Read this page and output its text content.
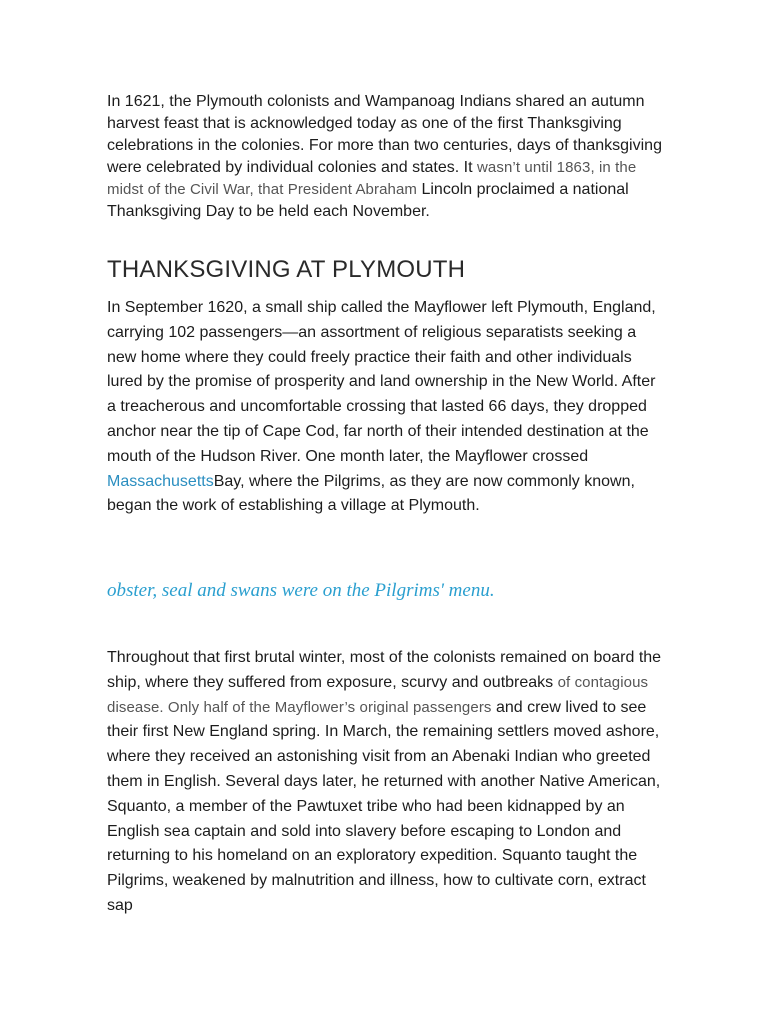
In 1621, the Plymouth colonists and Wampanoag Indians shared an autumn harvest feast that is acknowledged today as one of the first Thanksgiving celebrations in the colonies. For more than two centuries, days of thanksgiving were celebrated by individual colonies and states. It wasn’t until 1863, in the midst of the Civil War, that President Abraham Lincoln proclaimed a national Thanksgiving Day to be held each November.

THANKSGIVING AT PLYMOUTH

In September 1620, a small ship called the Mayflower left Plymouth, England, carrying 102 passengers—an assortment of religious separatists seeking a new home where they could freely practice their faith and other individuals lured by the promise of prosperity and land ownership in the New World. After a treacherous and uncomfortable crossing that lasted 66 days, they dropped anchor near the tip of Cape Cod, far north of their intended destination at the mouth of the Hudson River. One month later, the Mayflower crossed MassachusettsBay, where the Pilgrims, as they are now commonly known, began the work of establishing a village at Plymouth.

obster, seal and swans were on the Pilgrims' menu.

Throughout that first brutal winter, most of the colonists remained on board the ship, where they suffered from exposure, scurvy and outbreaks of contagious disease. Only half of the Mayflower’s original passengers and crew lived to see their first New England spring. In March, the remaining settlers moved ashore, where they received an astonishing visit from an Abenaki Indian who greeted them in English. Several days later, he returned with another Native American, Squanto, a member of the Pawtuxet tribe who had been kidnapped by an English sea captain and sold into slavery before escaping to London and returning to his homeland on an exploratory expedition. Squanto taught the Pilgrims, weakened by malnutrition and illness, how to cultivate corn, extract sap
